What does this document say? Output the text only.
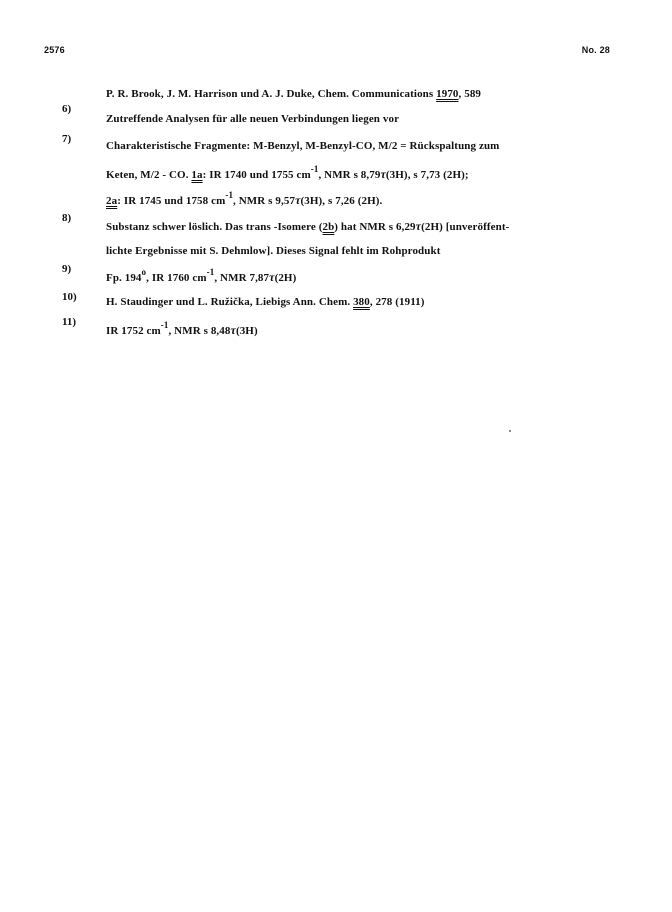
2576	No. 28
P. R. Brook, J. M. Harrison und A. J. Duke, Chem. Communications 1970, 589
6)
Zutreffende Analysen für alle neuen Verbindungen liegen vor
7)
Charakteristische Fragmente: M-Benzyl, M-Benzyl-CO, M/2 = Rückspaltung zum
Keten, M/2 - CO. 1a: IR 1740 und 1755 $cm^{-1}$, NMR s 8,79τ(3H), s 7,73 (2H);
2a: IR 1745 und 1758 $cm^{-1}$, NMR s 9,57τ(3H), s 7,26 (2H).
8)
Substanz schwer löslich. Das trans -Isomere (2b) hat NMR s 6,29τ(2H) [unveröffent-
lichte Ergebnisse mit S. Dehmlow]. Dieses Signal fehlt im Rohprodukt
9)
Fp. 194$^o$, IR 1760 $cm^{-1}$, NMR 7,87τ(2H)
10)	H. Staudinger und L. Ružička, Liebigs Ann. Chem. 380, 278 (1911)
11)
IR 1752 $cm^{-1}$, NMR s 8,48τ(3H)
